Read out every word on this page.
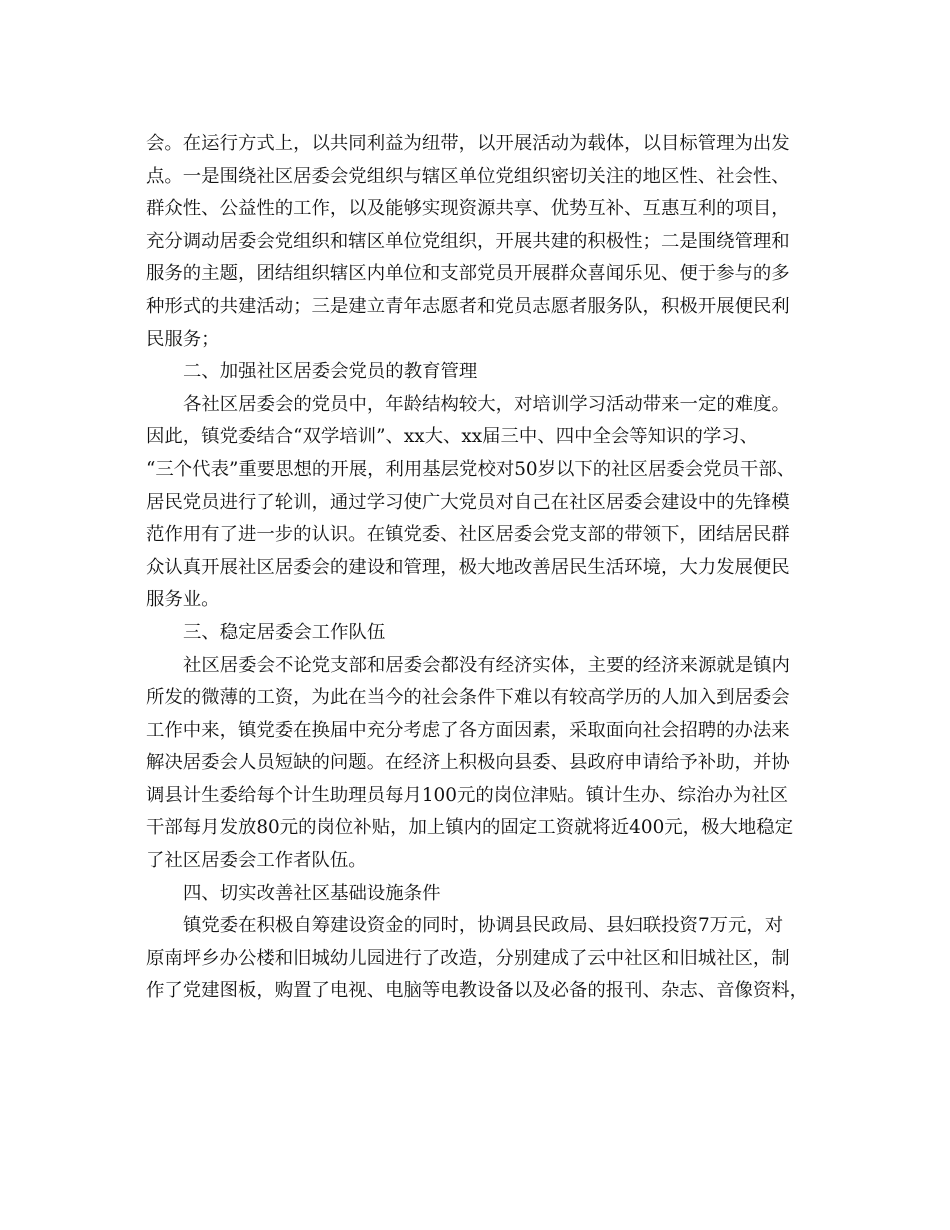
会。在运行方式上，以共同利益为纽带，以开展活动为载体，以目标管理为出发
点。一是围绕社区居委会党组织与辖区单位党组织密切关注的地区性、社会性、
群众性、公益性的工作，以及能够实现资源共享、优势互补、互惠互利的项目，
充分调动居委会党组织和辖区单位党组织，开展共建的积极性；二是围绕管理和
服务的主题，团结组织辖区内单位和支部党员开展群众喜闻乐见、便于参与的多
种形式的共建活动；三是建立青年志愿者和党员志愿者服务队，积极开展便民利
民服务；
二、加强社区居委会党员的教育管理
各社区居委会的党员中，年龄结构较大，对培训学习活动带来一定的难度。
因此，镇党委结合“双学培训”、xx大、xx届三中、四中全会等知识的学习、
“三个代表”重要思想的开展，利用基层党校对50岁以下的社区居委会党员干部、
居民党员进行了轮训，通过学习使广大党员对自己在社区居委会建设中的先锋模
范作用有了进一步的认识。在镇党委、社区居委会党支部的带领下，团结居民群
众认真开展社区居委会的建设和管理，极大地改善居民生活环境，大力发展便民
服务业。
三、稳定居委会工作队伍
社区居委会不论党支部和居委会都没有经济实体，主要的经济来源就是镇内
所发的微薄的工资，为此在当今的社会条件下难以有较高学历的人加入到居委会
工作中来，镇党委在换届中充分考虑了各方面因素，采取面向社会招聘的办法来
解决居委会人员短缺的问题。在经济上积极向县委、县政府申请给予补助，并协
调县计生委给每个计生助理员每月100元的岗位津贴。镇计生办、综治办为社区
干部每月发放80元的岗位补贴，加上镇内的固定工资就将近400元，极大地稳定
了社区居委会工作者队伍。
四、切实改善社区基础设施条件
镇党委在积极自筹建设资金的同时，协调县民政局、县妇联投资7万元，对
原南坪乡办公楼和旧城幼儿园进行了改造，分别建成了云中社区和旧城社区，制
作了党建图板，购置了电视、电脑等电教设备以及必备的报刊、杂志、音像资料，
